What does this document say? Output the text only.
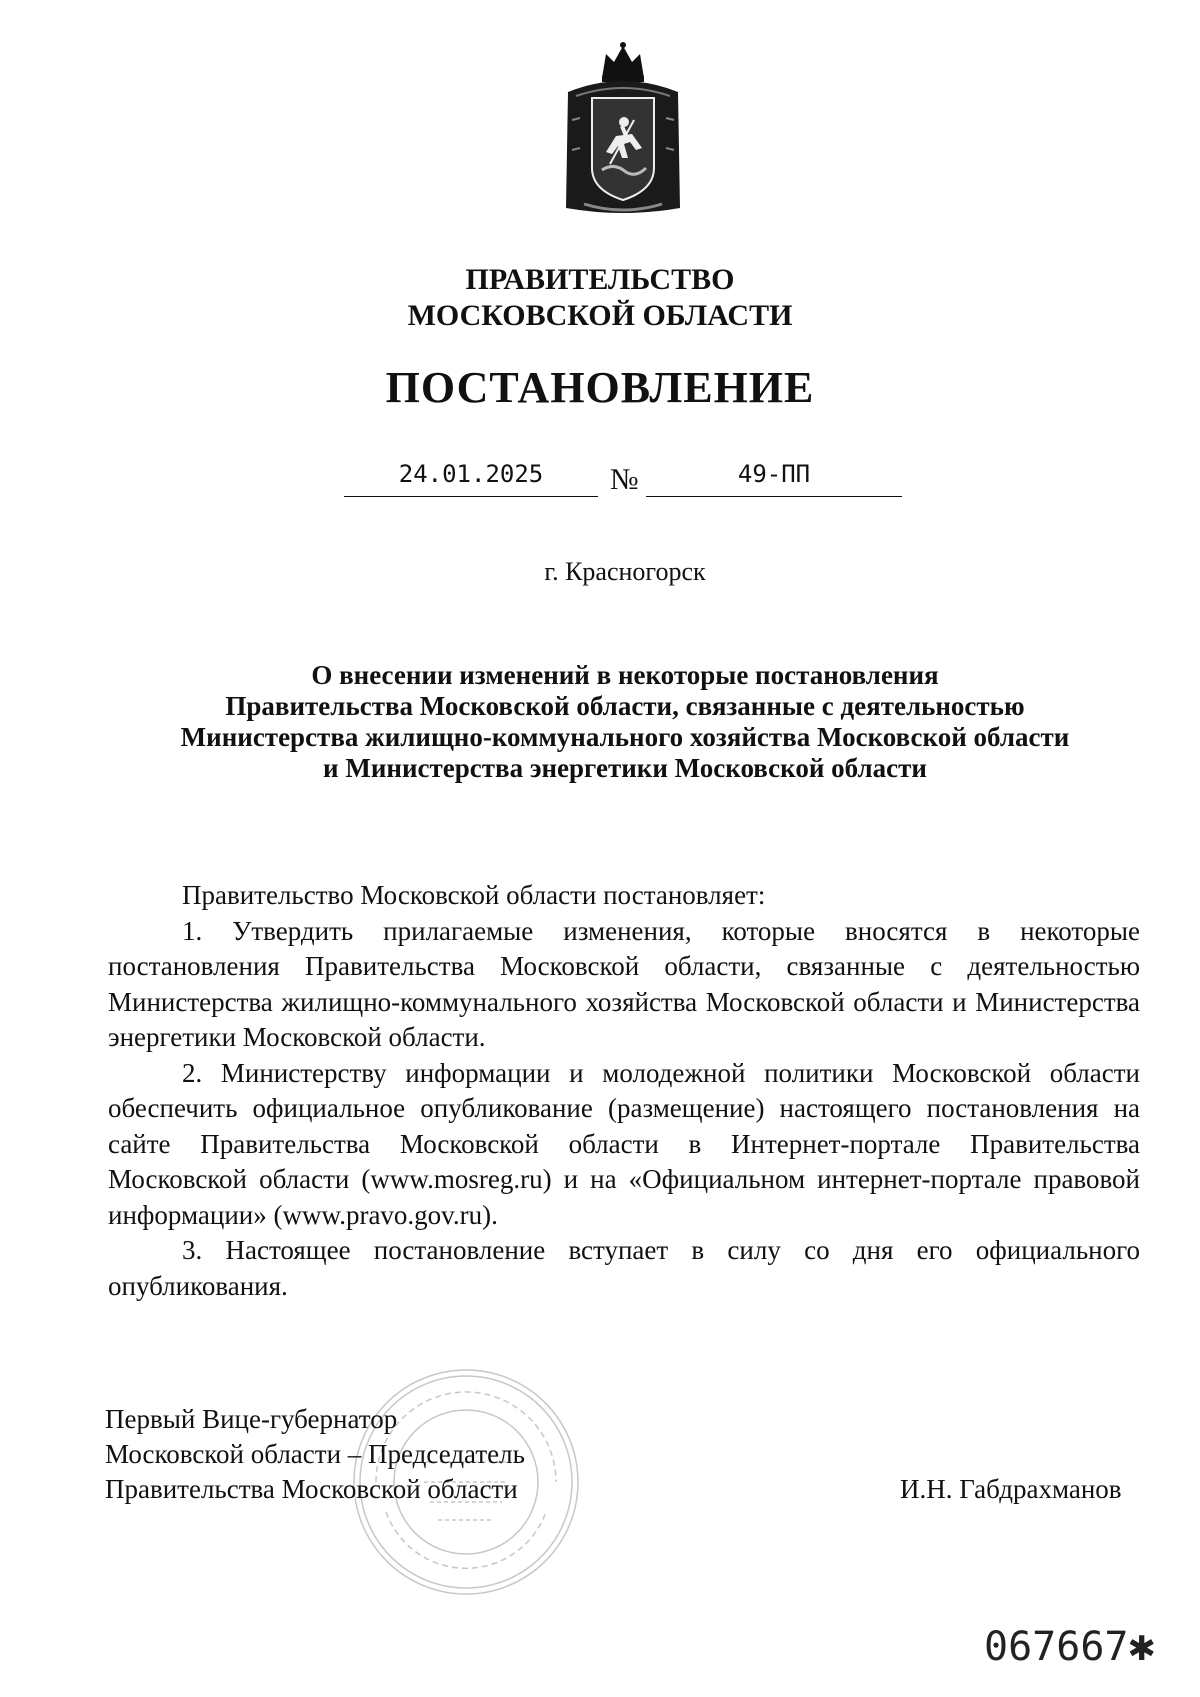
ПРАВИТЕЛЬСТВО
МОСКОВСКОЙ ОБЛАСТИ
ПОСТАНОВЛЕНИЕ
24.01.2025	№	49-ПП
г. Красногорск
О внесении изменений в некоторые постановления
Правительства Московской области, связанные с деятельностью
Министерства жилищно-коммунального хозяйства Московской области
и Министерства энергетики Московской области

Правительство Московской области постановляет:

1. Утвердить прилагаемые изменения, которые вносятся в некоторые постановления Правительства Московской области, связанные с деятельностью Министерства жилищно-коммунального хозяйства Московской области и Министерства энергетики Московской области.

2. Министерству информации и молодежной политики Московской области обеспечить официальное опубликование (размещение) настоящего постановления на сайте Правительства Московской области в Интернет-портале Правительства Московской области (www.mosreg.ru) и на «Официальном интернет-портале правовой информации» (www.pravo.gov.ru).

3. Настоящее постановление вступает в силу со дня его официального опубликования.

Первый Вице-губернатор
Московской области – Председатель
Правительства Московской области	И.Н. Габдрахманов
067667✱
